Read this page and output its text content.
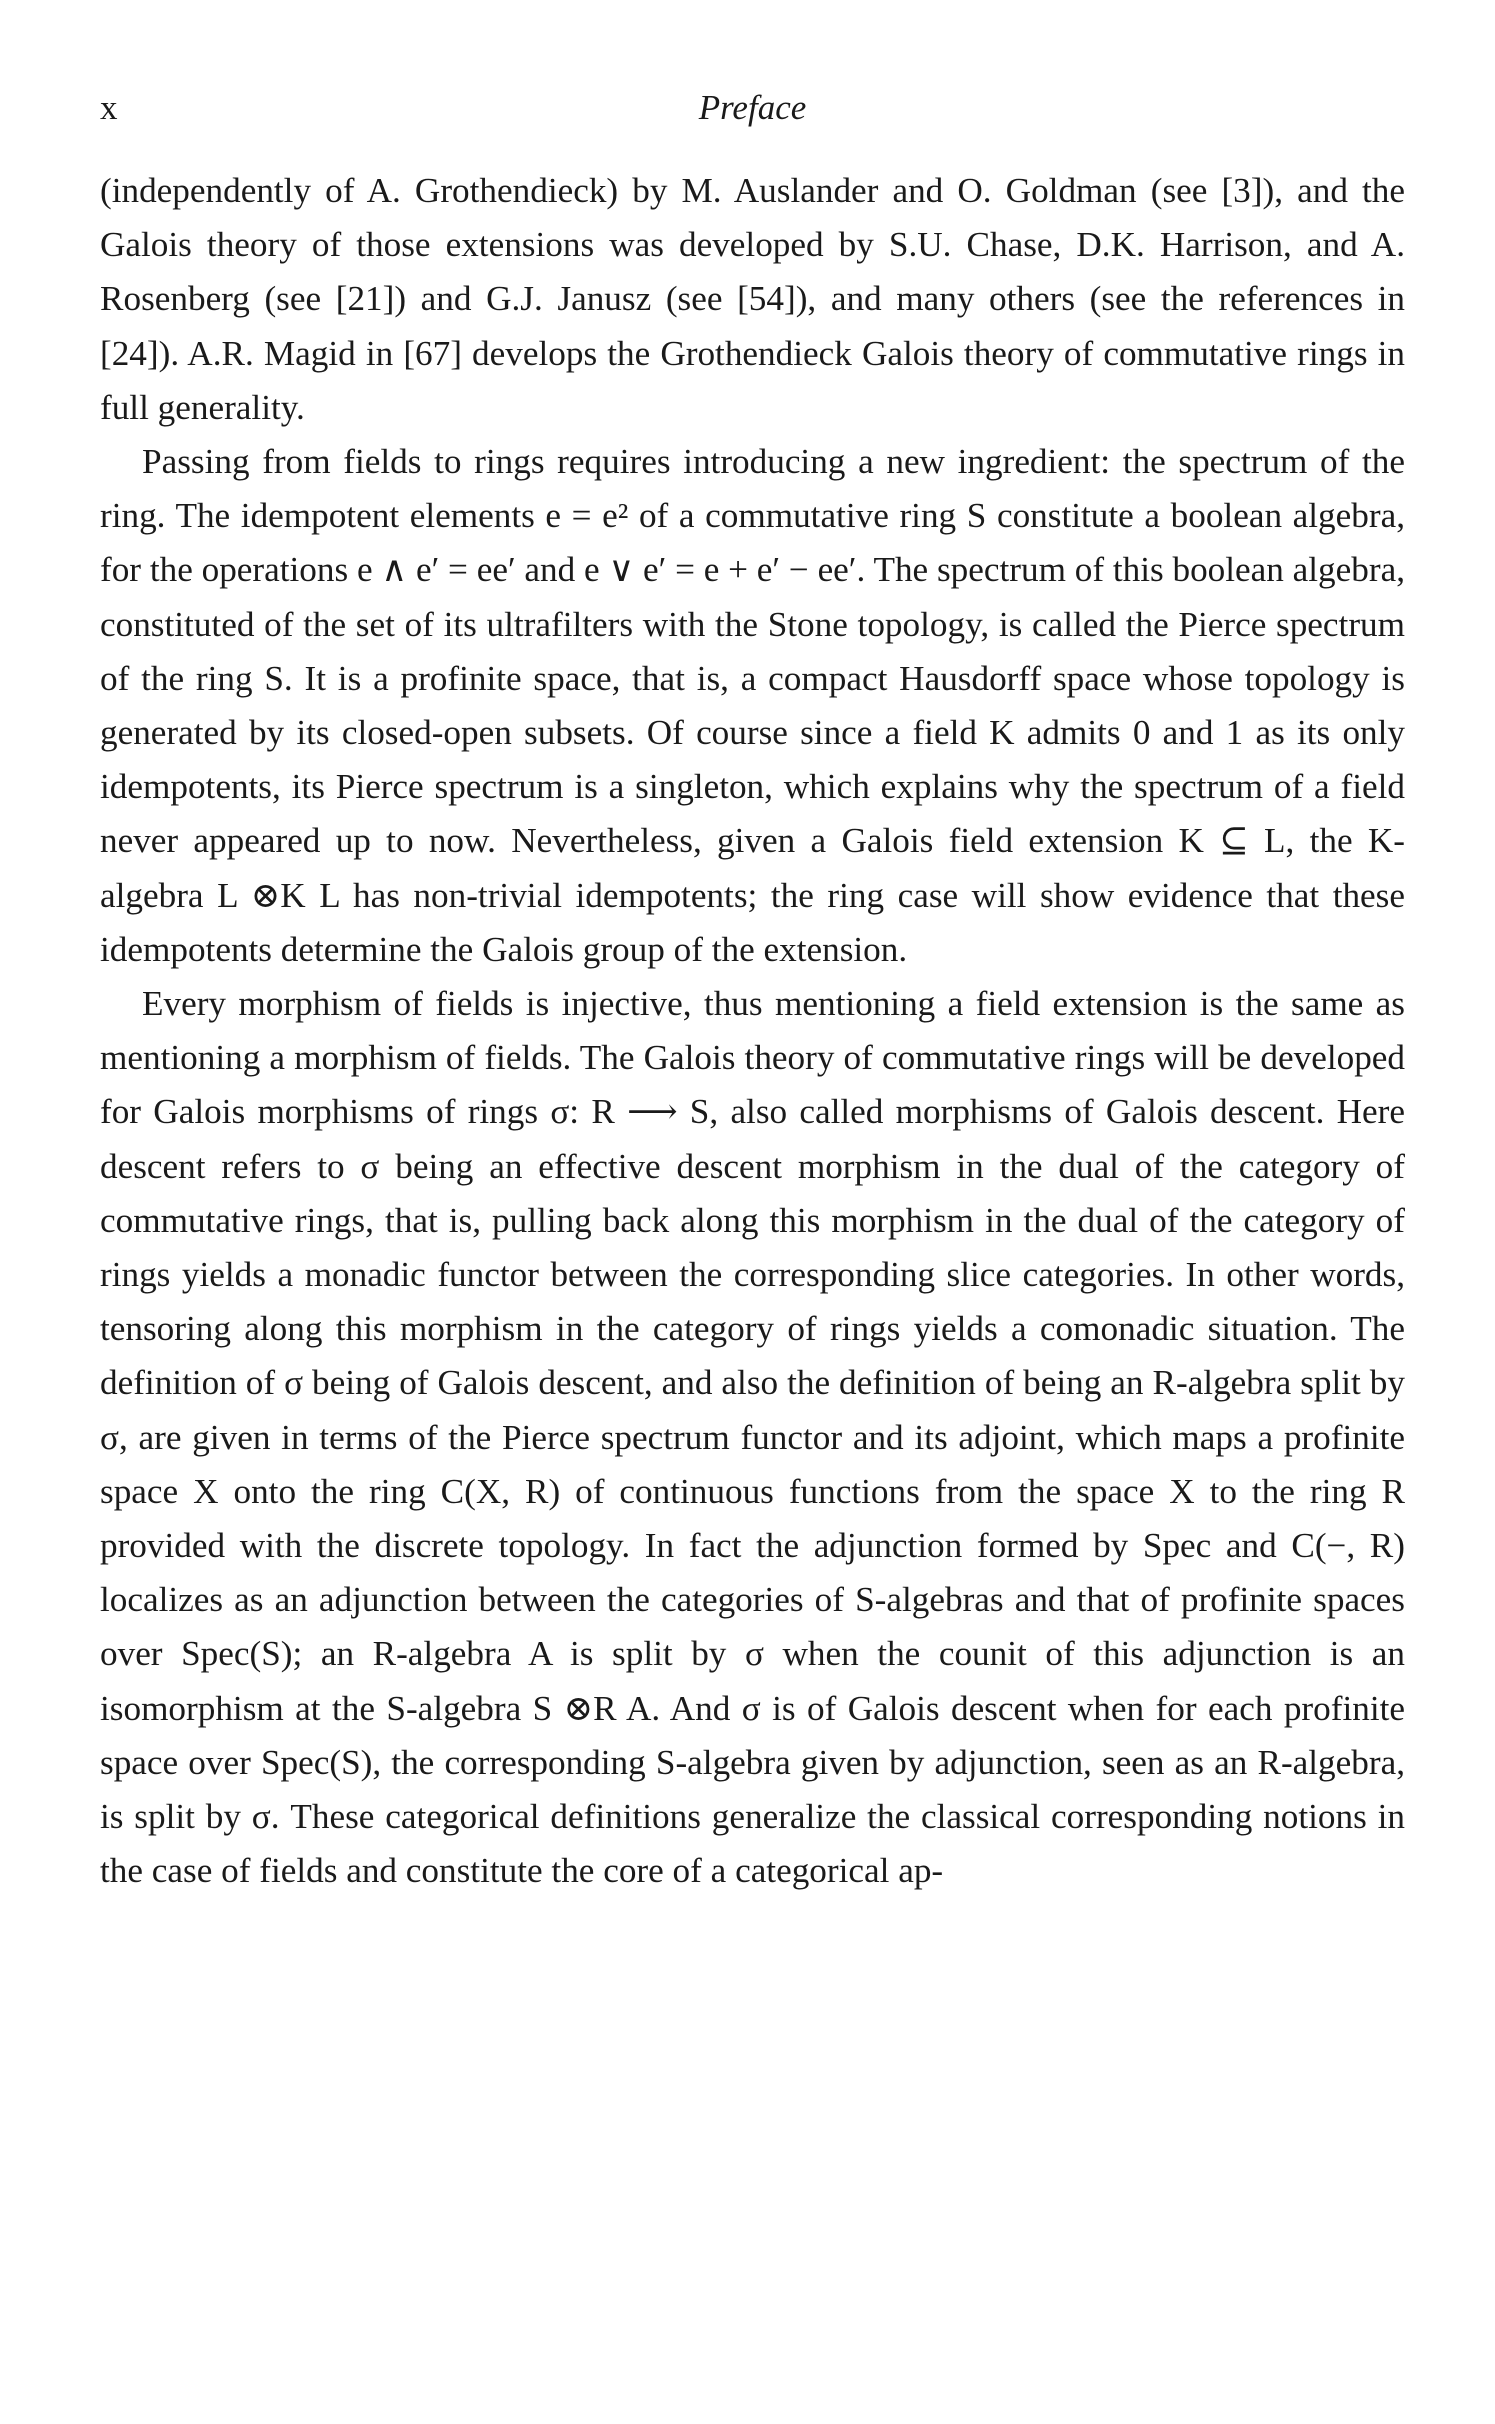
x	Preface

(independently of A. Grothendieck) by M. Auslander and O. Goldman (see [3]), and the Galois theory of those extensions was developed by S.U. Chase, D.K. Harrison, and A. Rosenberg (see [21]) and G.J. Janusz (see [54]), and many others (see the references in [24]). A.R. Magid in [67] develops the Grothendieck Galois theory of commutative rings in full generality.

Passing from fields to rings requires introducing a new ingredient: the spectrum of the ring. The idempotent elements e = e² of a commutative ring S constitute a boolean algebra, for the operations e ∧ e′ = ee′ and e ∨ e′ = e + e′ − ee′. The spectrum of this boolean algebra, constituted of the set of its ultrafilters with the Stone topology, is called the Pierce spectrum of the ring S. It is a profinite space, that is, a compact Hausdorff space whose topology is generated by its closed-open subsets. Of course since a field K admits 0 and 1 as its only idempotents, its Pierce spectrum is a singleton, which explains why the spectrum of a field never appeared up to now. Nevertheless, given a Galois field extension K ⊆ L, the K-algebra L ⊗K L has non-trivial idempotents; the ring case will show evidence that these idempotents determine the Galois group of the extension.

Every morphism of fields is injective, thus mentioning a field extension is the same as mentioning a morphism of fields. The Galois theory of commutative rings will be developed for Galois morphisms of rings σ: R ⟶ S, also called morphisms of Galois descent. Here descent refers to σ being an effective descent morphism in the dual of the category of commutative rings, that is, pulling back along this morphism in the dual of the category of rings yields a monadic functor between the corresponding slice categories. In other words, tensoring along this morphism in the category of rings yields a comonadic situation. The definition of σ being of Galois descent, and also the definition of being an R-algebra split by σ, are given in terms of the Pierce spectrum functor and its adjoint, which maps a profinite space X onto the ring C(X, R) of continuous functions from the space X to the ring R provided with the discrete topology. In fact the adjunction formed by Spec and C(−, R) localizes as an adjunction between the categories of S-algebras and that of profinite spaces over Spec(S); an R-algebra A is split by σ when the counit of this adjunction is an isomorphism at the S-algebra S ⊗R A. And σ is of Galois descent when for each profinite space over Spec(S), the corresponding S-algebra given by adjunction, seen as an R-algebra, is split by σ. These categorical definitions generalize the classical corresponding notions in the case of fields and constitute the core of a categorical ap-
